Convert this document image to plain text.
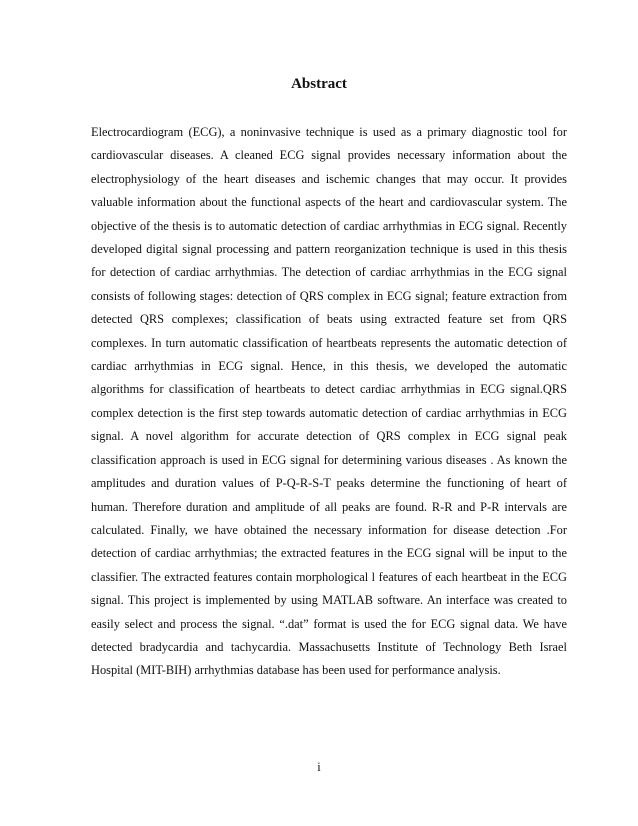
Abstract

Electrocardiogram (ECG), a noninvasive technique is used as a primary diagnostic tool for cardiovascular diseases. A cleaned ECG signal provides necessary information about the electrophysiology of the heart diseases and ischemic changes that may occur. It provides valuable information about the functional aspects of the heart and cardiovascular system. The objective of the thesis is to automatic detection of cardiac arrhythmias in ECG signal. Recently developed digital signal processing and pattern reorganization technique is used in this thesis for detection of cardiac arrhythmias. The detection of cardiac arrhythmias in the ECG signal consists of following stages: detection of QRS complex in ECG signal; feature extraction from detected QRS complexes; classification of beats using extracted feature set from QRS complexes. In turn automatic classification of heartbeats represents the automatic detection of cardiac arrhythmias in ECG signal. Hence, in this thesis, we developed the automatic algorithms for classification of heartbeats to detect cardiac arrhythmias in ECG signal.QRS complex detection is the first step towards automatic detection of cardiac arrhythmias in ECG signal. A novel algorithm for accurate detection of QRS complex in ECG signal peak classification approach is used in ECG signal for determining various diseases . As known the amplitudes and duration values of P-Q-R-S-T peaks determine the functioning of heart of human. Therefore duration and amplitude of all peaks are found. R-R and P-R intervals are calculated. Finally, we have obtained the necessary information for disease detection .For detection of cardiac arrhythmias; the extracted features in the ECG signal will be input to the classifier. The extracted features contain morphological l features of each heartbeat in the ECG signal. This project is implemented by using MATLAB software. An interface was created to easily select and process the signal. “.dat” format is used the for ECG signal data. We have detected bradycardia and tachycardia. Massachusetts Institute of Technology Beth Israel Hospital (MIT-BIH) arrhythmias database has been used for performance analysis.

i
